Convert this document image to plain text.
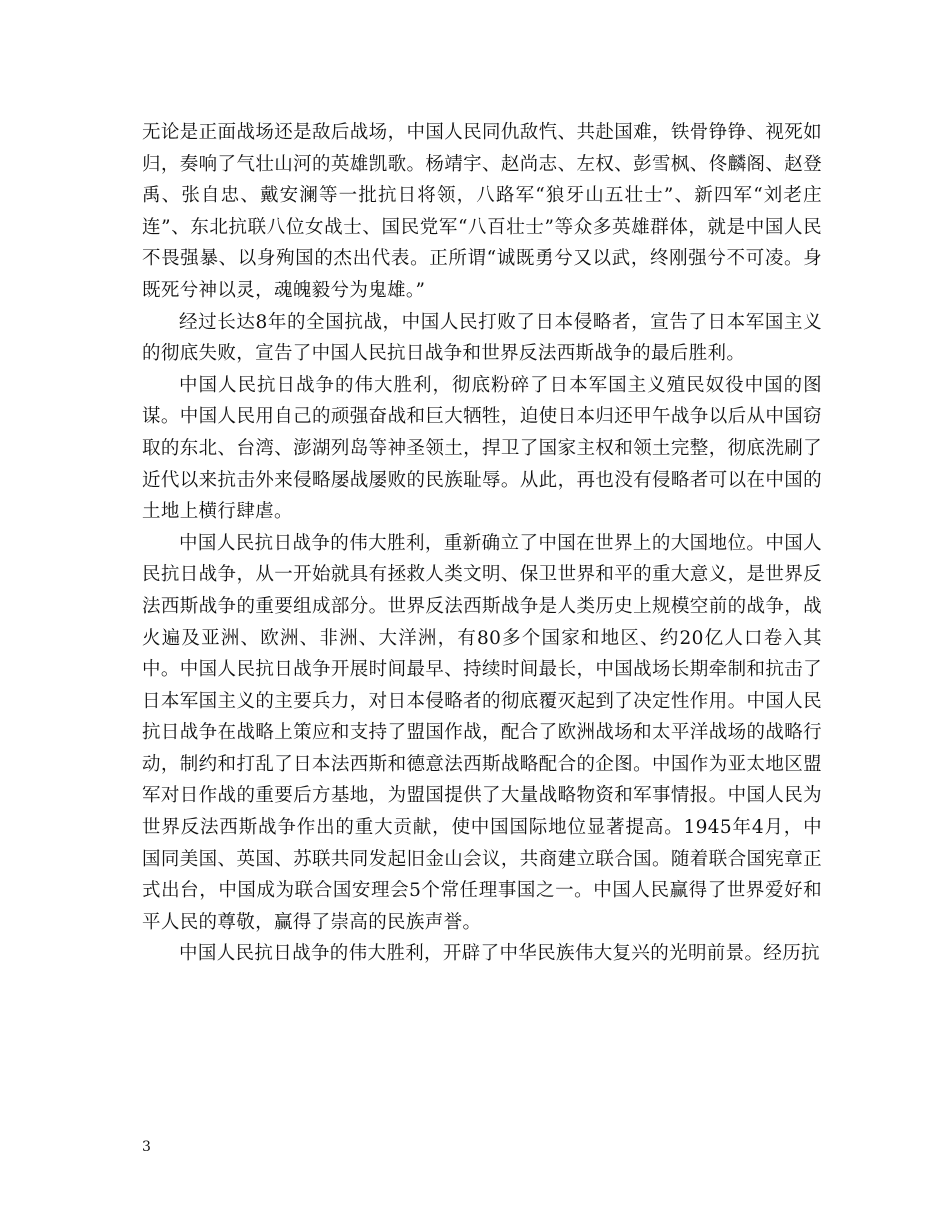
无论是正面战场还是敌后战场，中国人民同仇敌忾、共赴国难，铁骨铮铮、视死如归，奏响了气壮山河的英雄凯歌。杨靖宇、赵尚志、左权、彭雪枫、佟麟阁、赵登禹、张自忠、戴安澜等一批抗日将领，八路军“狼牙山五壮士”、新四军“刘老庄连”、东北抗联八位女战士、国民党军“八百壮士”等众多英雄群体，就是中国人民不畏强暴、以身殉国的杰出代表。正所谓“诚既勇兮又以武，终刚强兮不可凌。身既死兮神以灵，魂魄毅兮为鬼雄。”

经过长达8年的全国抗战，中国人民打败了日本侵略者，宣告了日本军国主义的彻底失败，宣告了中国人民抗日战争和世界反法西斯战争的最后胜利。

中国人民抗日战争的伟大胜利，彻底粉碎了日本军国主义殖民奴役中国的图谋。中国人民用自己的顽强奋战和巨大牺牲，迫使日本归还甲午战争以后从中国窃取的东北、台湾、澎湖列岛等神圣领土，捍卫了国家主权和领土完整，彻底洗刷了近代以来抗击外来侵略屡战屡败的民族耻辱。从此，再也没有侵略者可以在中国的土地上横行肆虐。

中国人民抗日战争的伟大胜利，重新确立了中国在世界上的大国地位。中国人民抗日战争，从一开始就具有拯救人类文明、保卫世界和平的重大意义，是世界反法西斯战争的重要组成部分。世界反法西斯战争是人类历史上规模空前的战争，战火遍及亚洲、欧洲、非洲、大洋洲，有80多个国家和地区、约20亿人口卷入其中。中国人民抗日战争开展时间最早、持续时间最长，中国战场长期牵制和抗击了日本军国主义的主要兵力，对日本侵略者的彻底覆灭起到了决定性作用。中国人民抗日战争在战略上策应和支持了盟国作战，配合了欧洲战场和太平洋战场的战略行动，制约和打乱了日本法西斯和德意法西斯战略配合的企图。中国作为亚太地区盟军对日作战的重要后方基地，为盟国提供了大量战略物资和军事情报。中国人民为世界反法西斯战争作出的重大贡献，使中国国际地位显著提高。1945年4月，中国同美国、英国、苏联共同发起旧金山会议，共商建立联合国。随着联合国宪章正式出台，中国成为联合国安理会5个常任理事国之一。中国人民赢得了世界爱好和平人民的尊敬，赢得了崇高的民族声誉。

中国人民抗日战争的伟大胜利，开辟了中华民族伟大复兴的光明前景。经历抗

3
